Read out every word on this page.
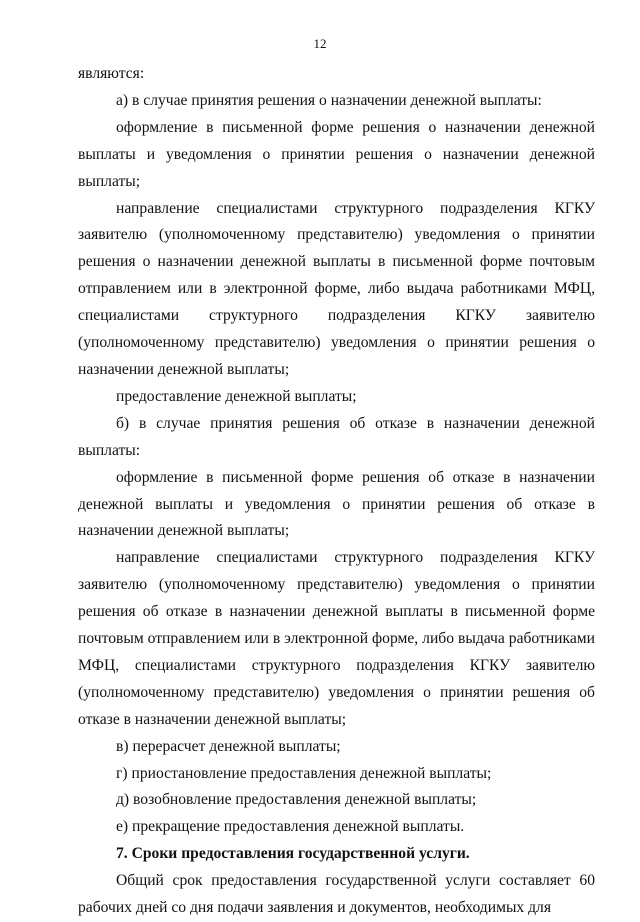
12

являются:

а) в случае принятия решения о назначении денежной выплаты:

оформление в письменной форме решения о назначении денежной выплаты и уведомления о принятии решения о назначении денежной выплаты;

направление специалистами структурного подразделения КГКУ заявителю (уполномоченному представителю) уведомления о принятии решения о назначении денежной выплаты в письменной форме почтовым отправлением или в электронной форме, либо выдача работниками МФЦ, специалистами структурного подразделения КГКУ заявителю (уполномоченному представителю) уведомления о принятии решения о назначении денежной выплаты;

предоставление денежной выплаты;

б) в случае принятия решения об отказе в назначении денежной выплаты:

оформление в письменной форме решения об отказе в назначении денежной выплаты и уведомления о принятии решения об отказе в назначении денежной выплаты;

направление специалистами структурного подразделения КГКУ заявителю (уполномоченному представителю) уведомления о принятии решения об отказе в назначении денежной выплаты в письменной форме почтовым отправлением или в электронной форме, либо выдача работниками МФЦ, специалистами структурного подразделения КГКУ заявителю (уполномоченному представителю) уведомления о принятии решения об отказе в назначении денежной выплаты;

в) перерасчет денежной выплаты;

г) приостановление предоставления денежной выплаты;

д) возобновление предоставления денежной выплаты;

е) прекращение предоставления денежной выплаты.

7. Сроки предоставления государственной услуги.

Общий срок предоставления государственной услуги составляет 60 рабочих дней со дня подачи заявления и документов, необходимых для
